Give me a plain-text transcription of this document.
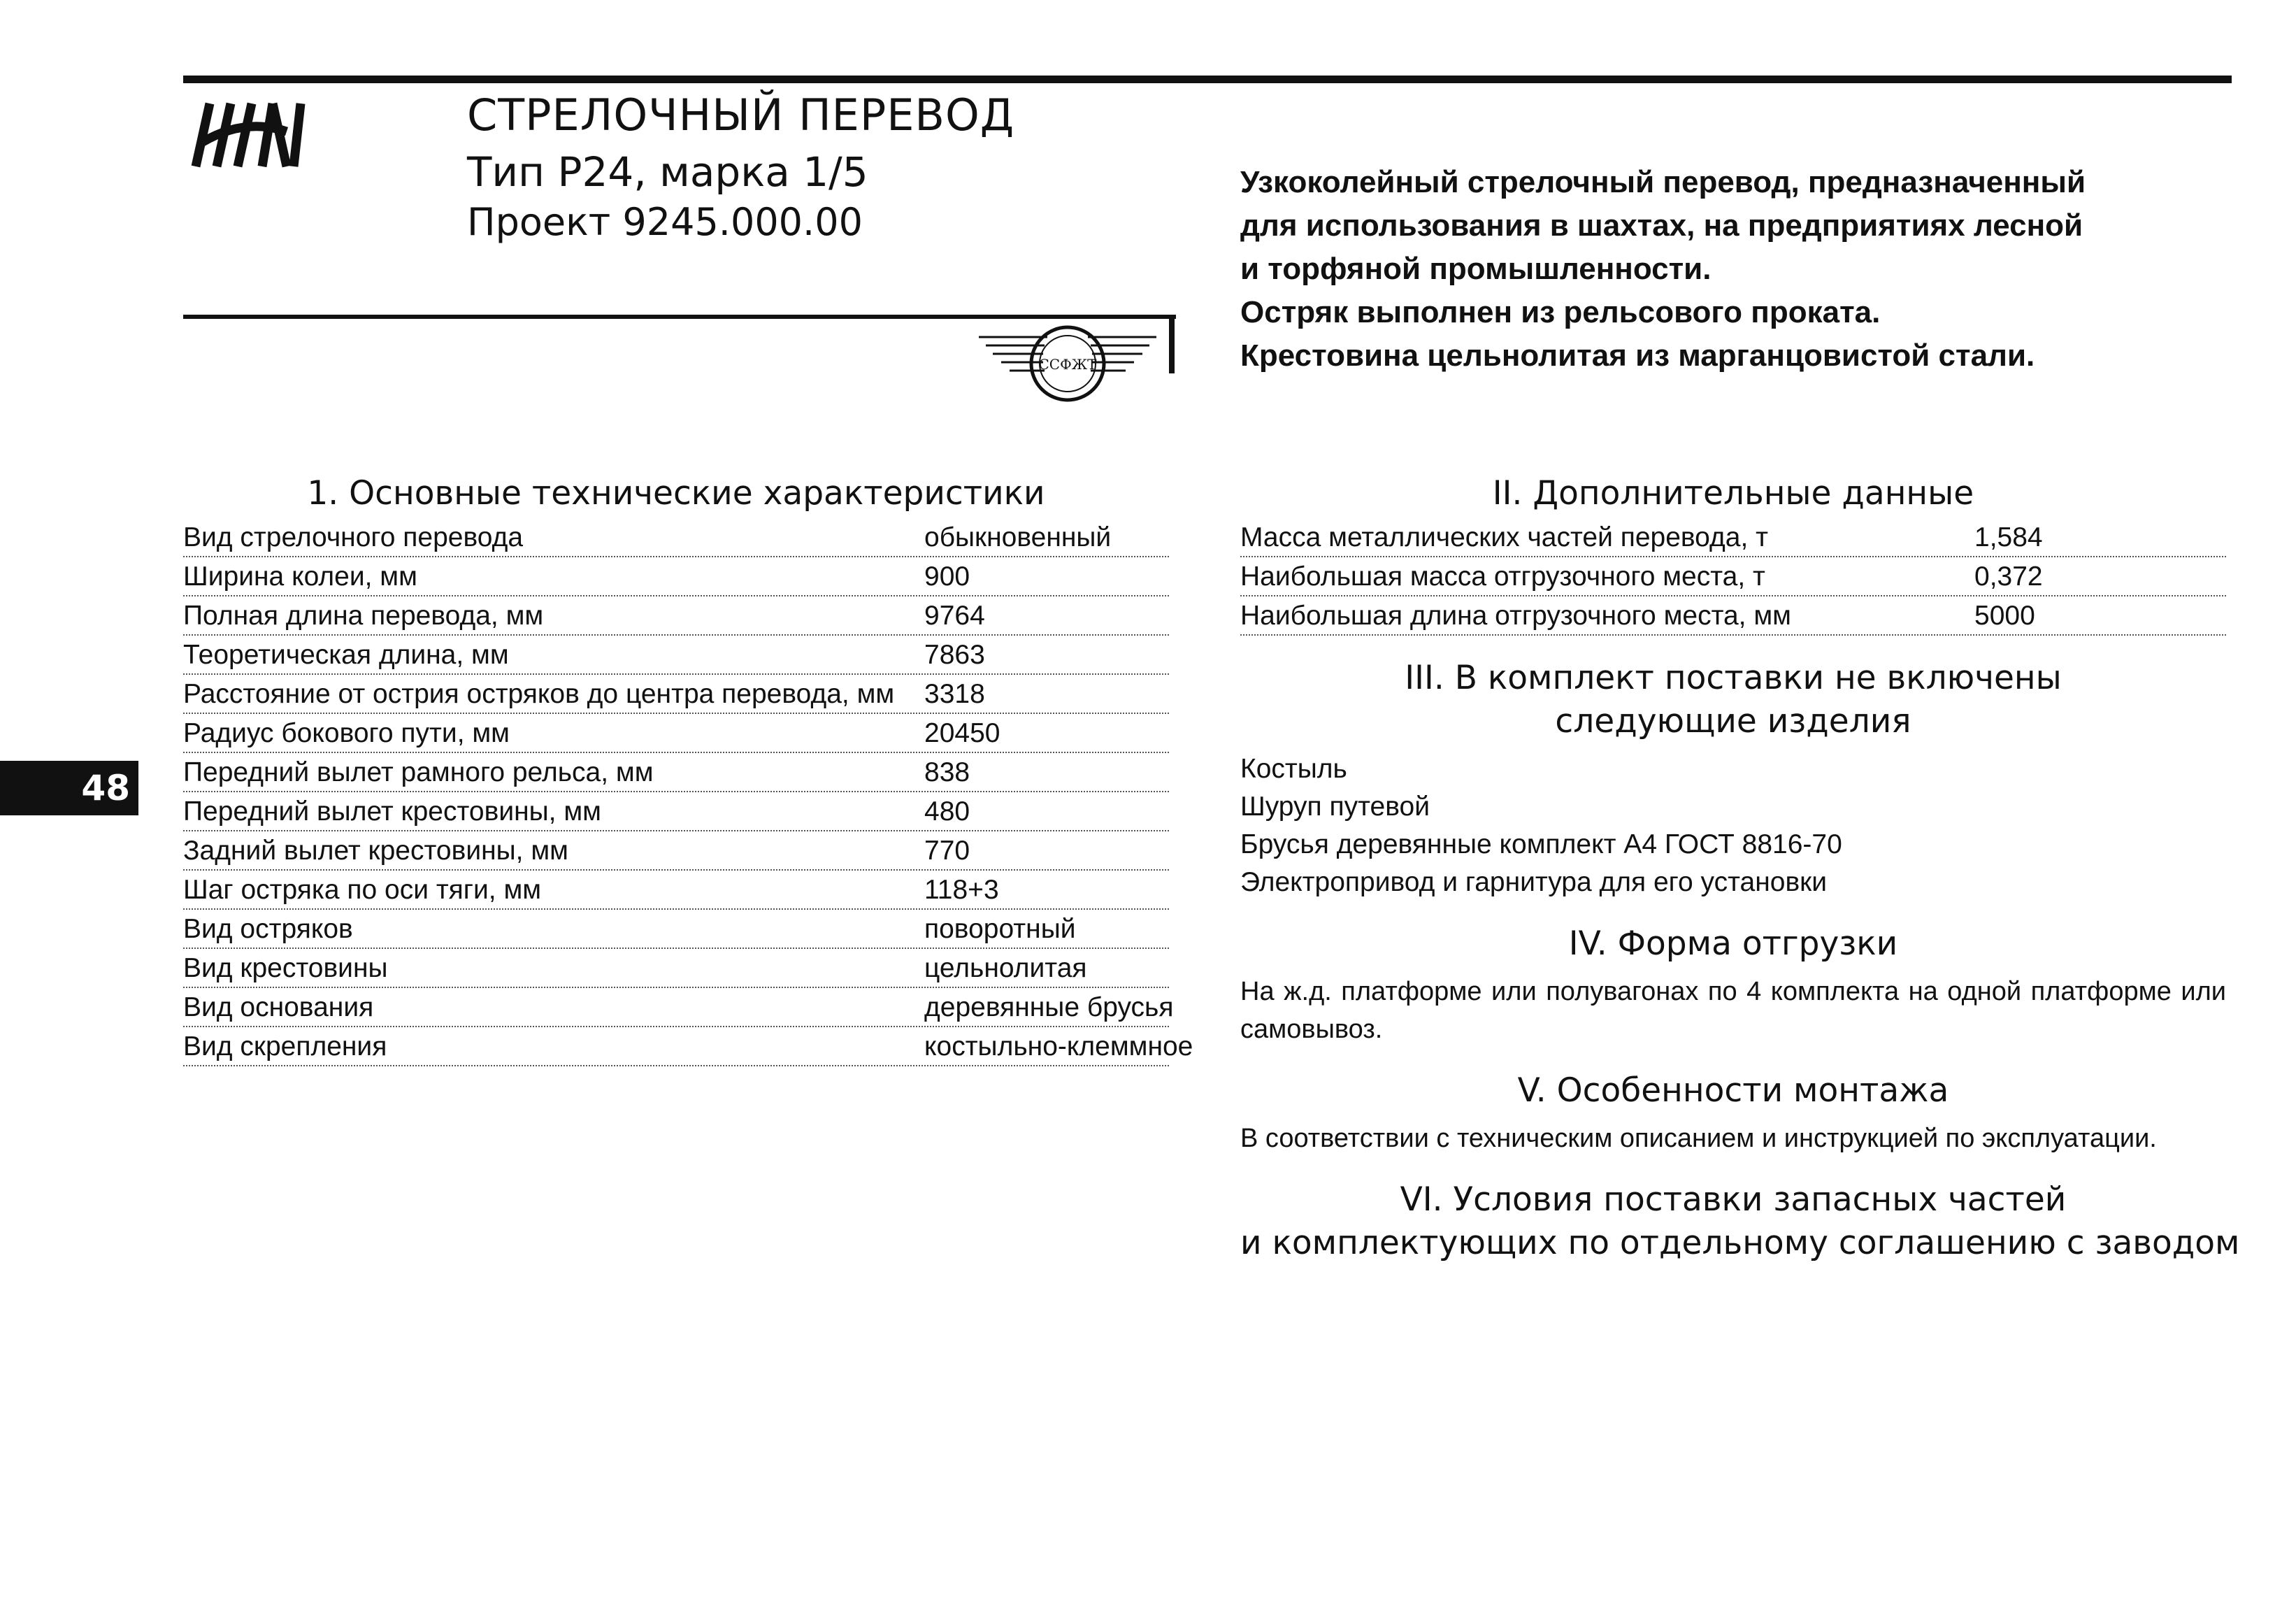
СТРЕЛОЧНЫЙ ПЕРЕВОД
Тип Р24, марка 1/5
Проект 9245.000.00
ССФЖТ
Узкоколейный стрелочный перевод, предназначенный
для использования в шахтах, на предприятиях лесной
и торфяной промышленности.
Остряк выполнен из рельсового проката.
Крестовина цельнолитая из марганцовистой стали.
48
1. Основные технические характеристики
Вид стрелочного перевода	обыкновенный
Ширина колеи, мм	900
Полная длина перевода, мм	9764
Теоретическая длина, мм	7863
Расстояние от острия остряков до центра перевода, мм	3318
Радиус бокового пути, мм	20450
Передний вылет рамного рельса, мм	838
Передний вылет крестовины, мм	480
Задний вылет крестовины, мм	770
Шаг остряка по оси тяги, мм	118+3
Вид остряков	поворотный
Вид крестовины	цельнолитая
Вид основания	деревянные брусья
Вид скрепления	костыльно-клеммное
II. Дополнительные данные
Масса металлических частей перевода, т	1,584
Наибольшая масса отгрузочного места, т	0,372
Наибольшая длина отгрузочного места, мм	5000
III. В комплект поставки не включены
следующие изделия
Костыль
Шуруп путевой
Брусья деревянные комплект А4 ГОСТ 8816-70
Электропривод и гарнитура для его установки
IV. Форма отгрузки
На ж.д. платформе или полувагонах по 4 комплекта на одной платформе или самовывоз.
V. Особенности монтажа
В соответствии с техническим описанием и инструкцией по эксплуатации.
VI. Условия поставки запасных частей
и комплектующих по отдельному соглашению с заводом
